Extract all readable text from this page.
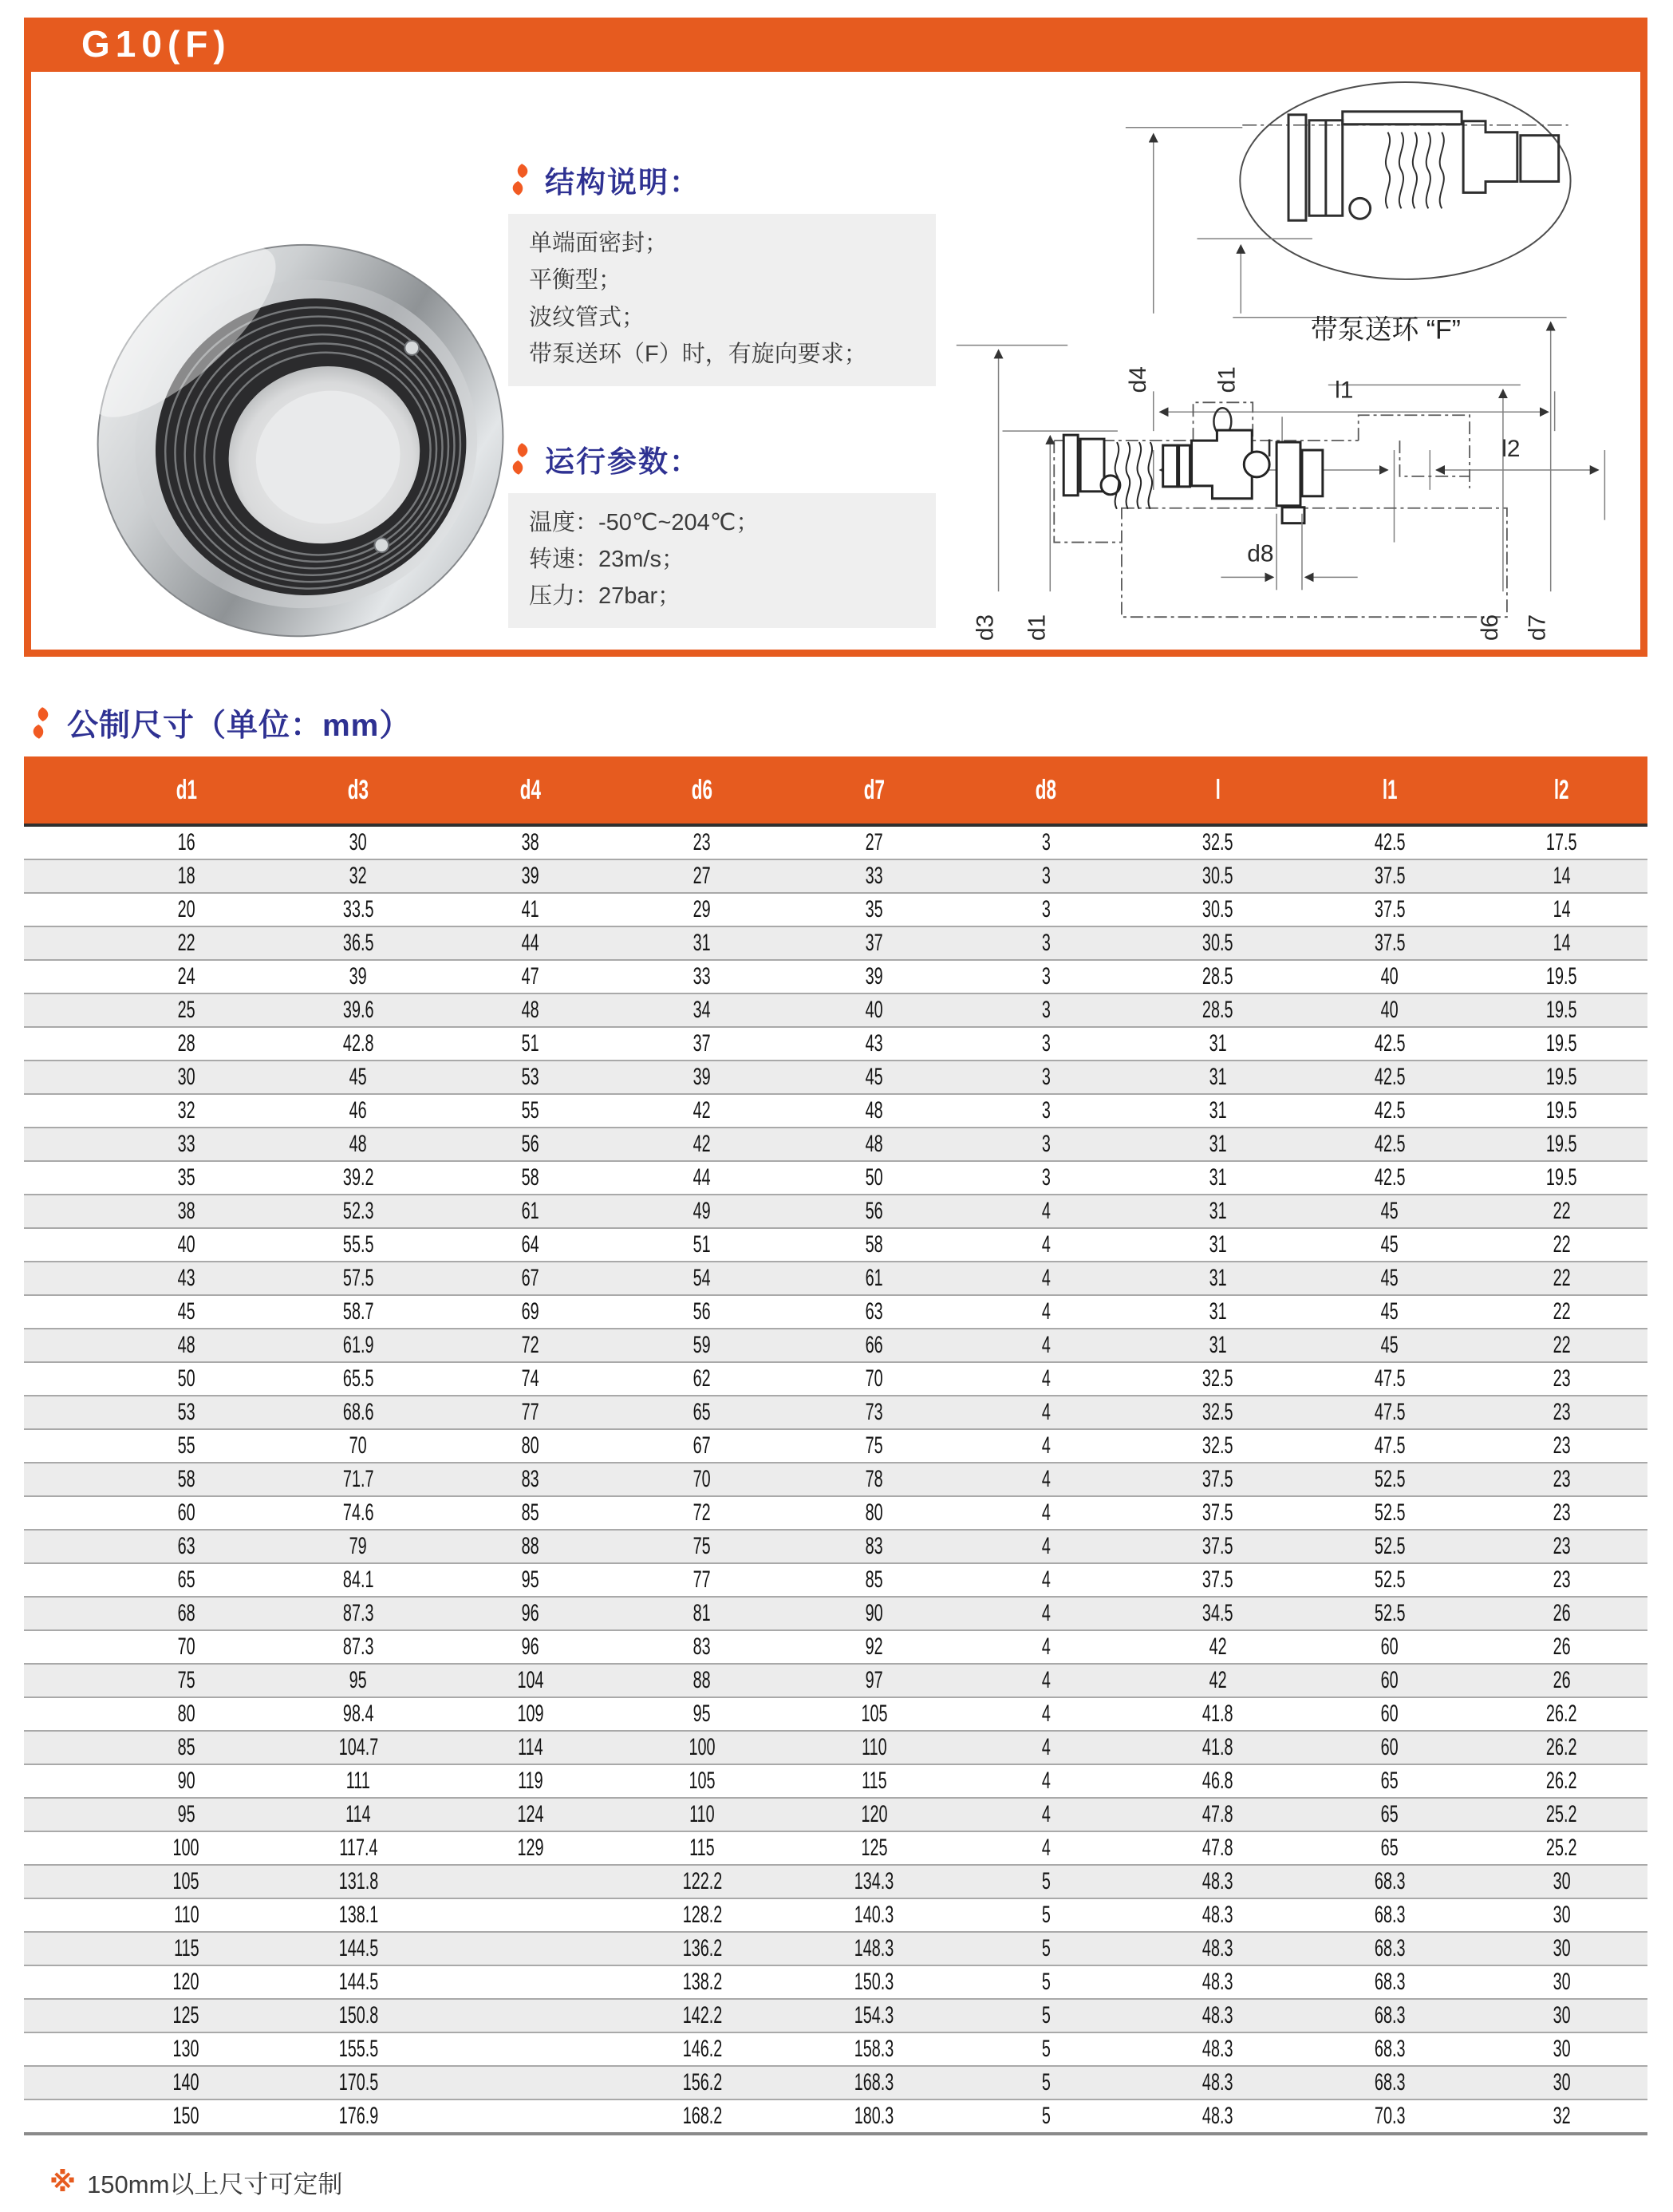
G10(F)
结构说明：
单端面密封；
平衡型；
波纹管式；
带泵送环（F）时，有旋向要求；
运行参数：
温度：-50℃~204℃；
转速：23m/s；
压力：27bar；
d4	d1
带泵送环 “F”
l1
l	l2
d8
d3 d1	d6 d7
公制尺寸（单位：mm）
d1	d3	d4	d6	d7	d8	l	l1	l2
16	30	38	23	27	3	32.5	42.5	17.5
18	32	39	27	33	3	30.5	37.5	14
20	33.5	41	29	35	3	30.5	37.5	14
22	36.5	44	31	37	3	30.5	37.5	14
24	39	47	33	39	3	28.5	40	19.5
25	39.6	48	34	40	3	28.5	40	19.5
28	42.8	51	37	43	3	31	42.5	19.5
30	45	53	39	45	3	31	42.5	19.5
32	46	55	42	48	3	31	42.5	19.5
33	48	56	42	48	3	31	42.5	19.5
35	39.2	58	44	50	3	31	42.5	19.5
38	52.3	61	49	56	4	31	45	22
40	55.5	64	51	58	4	31	45	22
43	57.5	67	54	61	4	31	45	22
45	58.7	69	56	63	4	31	45	22
48	61.9	72	59	66	4	31	45	22
50	65.5	74	62	70	4	32.5	47.5	23
53	68.6	77	65	73	4	32.5	47.5	23
55	70	80	67	75	4	32.5	47.5	23
58	71.7	83	70	78	4	37.5	52.5	23
60	74.6	85	72	80	4	37.5	52.5	23
63	79	88	75	83	4	37.5	52.5	23
65	84.1	95	77	85	4	37.5	52.5	23
68	87.3	96	81	90	4	34.5	52.5	26
70	87.3	96	83	92	4	42	60	26
75	95	104	88	97	4	42	60	26
80	98.4	109	95	105	4	41.8	60	26.2
85	104.7	114	100	110	4	41.8	60	26.2
90	111	119	105	115	4	46.8	65	26.2
95	114	124	110	120	4	47.8	65	25.2
100	117.4	129	115	125	4	47.8	65	25.2
105	131.8		122.2	134.3	5	48.3	68.3	30
110	138.1		128.2	140.3	5	48.3	68.3	30
115	144.5		136.2	148.3	5	48.3	68.3	30
120	144.5		138.2	150.3	5	48.3	68.3	30
125	150.8		142.2	154.3	5	48.3	68.3	30
130	155.5		146.2	158.3	5	48.3	68.3	30
140	170.5		156.2	168.3	5	48.3	68.3	30
150	176.9		168.2	180.3	5	48.3	70.3	32
※ 150mm以上尺寸可定制
